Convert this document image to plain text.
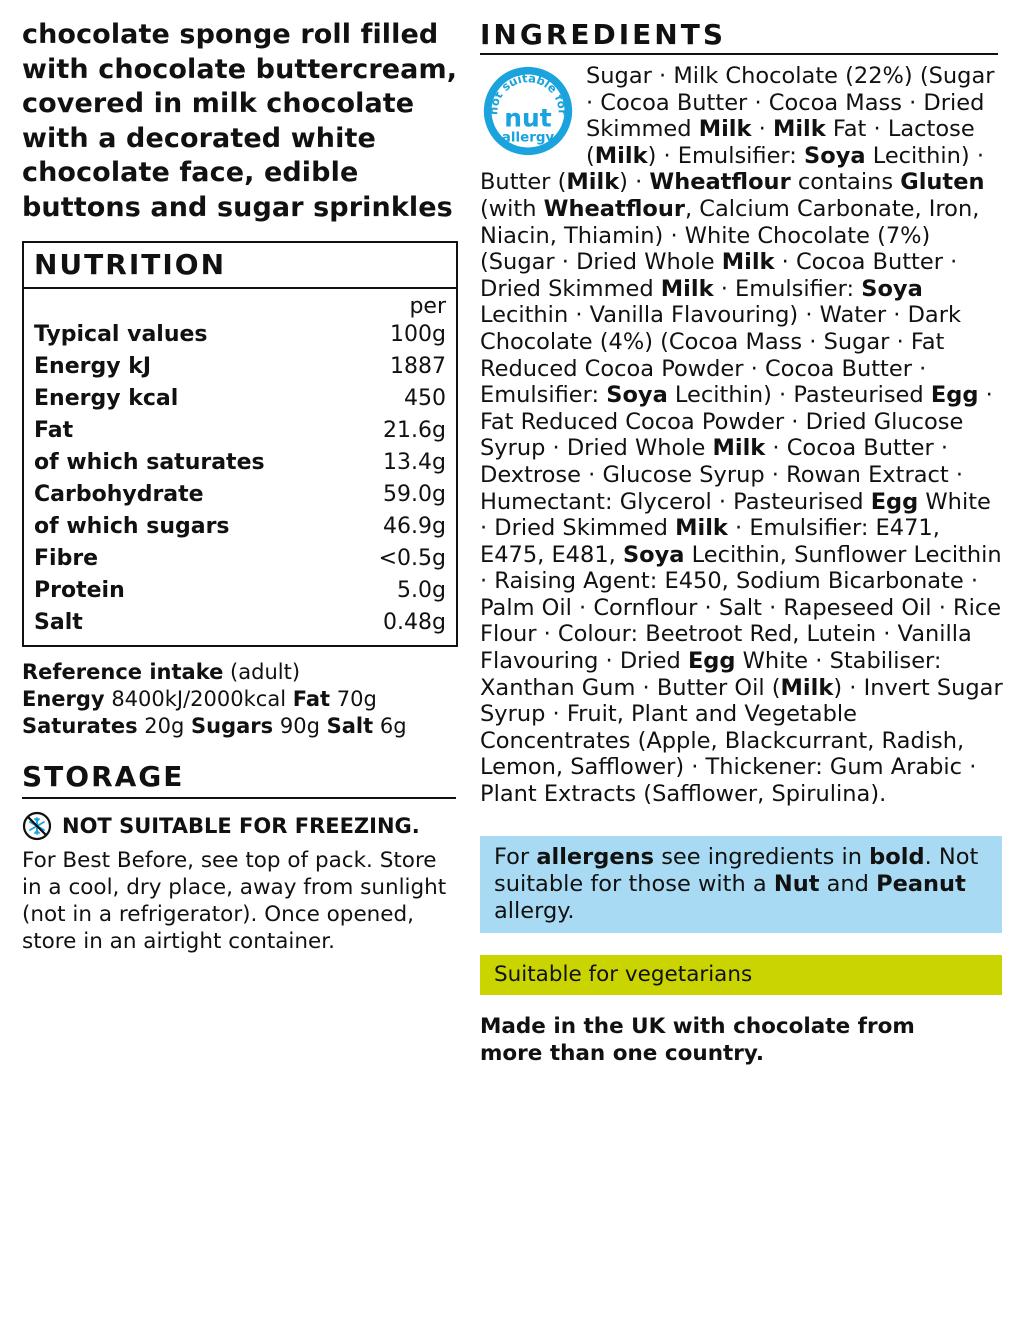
chocolate sponge roll filled with chocolate buttercream, covered in milk chocolate with a decorated white chocolate face, edible buttons and sugar sprinkles

NUTRITION
per
Typical values	100g
Energy kJ	1887
Energy kcal	450
Fat	21.6g
of which saturates	13.4g
Carbohydrate	59.0g
of which sugars	46.9g
Fibre	<0.5g
Protein	5.0g
Salt	0.48g
Reference intake (adult)
Energy 8400kJ/2000kcal Fat 70g
Saturates 20g Sugars 90g Salt 6g
STORAGE
NOT SUITABLE FOR FREEZING.
For Best Before, see top of pack. Store in a cool, dry place, away from sunlight (not in a refrigerator). Once opened, store in an airtight container.
INGREDIENTS
not suitable for
nut
allergy
Sugar · Milk Chocolate (22%) (Sugar · Cocoa Butter · Cocoa Mass · Dried Skimmed Milk · Milk Fat · Lactose (Milk) · Emulsifier: Soya Lecithin) · Butter (Milk) · Wheatflour contains Gluten (with Wheatflour, Calcium Carbonate, Iron, Niacin, Thiamin) · White Chocolate (7%) (Sugar · Dried Whole Milk · Cocoa Butter · Dried Skimmed Milk · Emulsifier: Soya Lecithin · Vanilla Flavouring) · Water · Dark Chocolate (4%) (Cocoa Mass · Sugar · Fat Reduced Cocoa Powder · Cocoa Butter · Emulsifier: Soya Lecithin) · Pasteurised Egg · Fat Reduced Cocoa Powder · Dried Glucose Syrup · Dried Whole Milk · Cocoa Butter · Dextrose · Glucose Syrup · Rowan Extract · Humectant: Glycerol · Pasteurised Egg White · Dried Skimmed Milk · Emulsifier: E471, E475, E481, Soya Lecithin, Sunflower Lecithin · Raising Agent: E450, Sodium Bicarbonate · Palm Oil · Cornflour · Salt · Rapeseed Oil · Rice Flour · Colour: Beetroot Red, Lutein · Vanilla Flavouring · Dried Egg White · Stabiliser: Xanthan Gum · Butter Oil (Milk) · Invert Sugar Syrup · Fruit, Plant and Vegetable Concentrates (Apple, Blackcurrant, Radish, Lemon, Safflower) · Thickener: Gum Arabic · Plant Extracts (Safflower, Spirulina).
For allergens see ingredients in bold. Not suitable for those with a Nut and Peanut allergy.
Suitable for vegetarians
Made in the UK with chocolate from more than one country.
